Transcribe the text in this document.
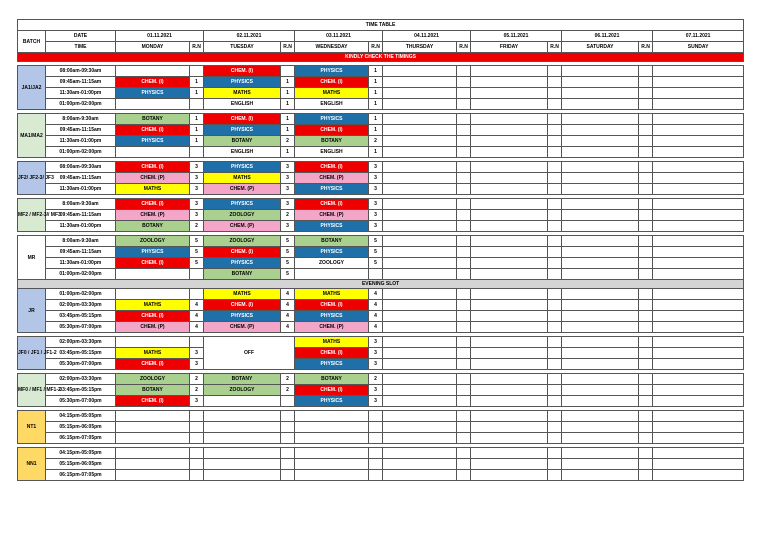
TIME TABLE														
BATCH	DATE	01.11.2021		02.11.2021		03.11.2021		04.11.2021		05.11.2021		06.11.2021		07.11.2021
	TIME	MONDAY	R.N	TUESDAY	R.N	WEDNESDAY	R.N	THURSDAY	R.N	FRIDAY	R.N	SATURDAY	R.N	SUNDAY
KINDLY CHECK THE TIMINGS														

JA1/JA2	08:00am-09:30am			CHEM. (I)		PHYSICS	1							
	09:45am-11:15am	CHEM. (I)	1	PHYSICS	1	CHEM. (I)	1							
	11:30am-01:00pm	PHYSICS	1	MATHS	1	MATHS	1							
	01:00pm-02:00pm			ENGLISH	1	ENGLISH	1							

MA1/MA2	8:00am-9:30am	BOTANY	1	CHEM. (I)	1	PHYSICS	1							
	09:45am-11:15am	CHEM. (I)	1	PHYSICS	1	CHEM. (I)	1							
	11:30am-01:00pm	PHYSICS	1	BOTANY	2	BOTANY	2							
	01:00pm-02:00pm			ENGLISH	1	ENGLISH	1							

JF2/ JF2-3/ JF3	08:00am-09:30am	CHEM. (I)	3	PHYSICS	3	CHEM. (I)	3							
	09:45am-11:15am	CHEM. (P)	3	MATHS	3	CHEM. (P)	3							
	11:30am-01:00pm	MATHS	3	CHEM. (P)	3	PHYSICS	3							

MF2 / MF2-3// MF3	8:00am-9:30am	CHEM. (I)	3	PHYSICS	3	CHEM. (I)	3							
	09:45am-11:15am	CHEM. (P)	3	ZOOLOGY	2	CHEM. (P)	3							
	11:30am-01:00pm	BOTANY	2	CHEM. (P)	3	PHYSICS	3							

MR	8:00am-9:30am	ZOOLOGY	5	ZOOLOGY	5	BOTANY	5							
	09:45am-11:15am	PHYSICS	5	CHEM. (I)	5	PHYSICS	5							
	11:30am-01:00pm	CHEM. (I)	5	PHYSICS	5	ZOOLOGY	5							
	01:00pm-02:00pm			BOTANY	5									
EVENING SLOT														
JR	01:00pm-02:00pm			MATHS	4	MATHS	4							
	02:00pm-03:30pm	MATHS	4	CHEM. (I)	4	CHEM. (I)	4							
	03:45pm-05:15pm	CHEM. (I)	4	PHYSICS	4	PHYSICS	4							
	05:30pm-07:00pm	CHEM. (P)	4	CHEM. (P)	4	CHEM. (P)	4							

JF0 / JF1 / JF1-2	02:00pm-03:30pm			OFF		MATHS	3							
	03:45pm-05:15pm	MATHS	3			CHEM. (I)	3							
	05:30pm-07:00pm	CHEM. (I)	3			PHYSICS	3							

MF0 / MF1 / MF1-2	02:00pm-03:30pm	ZOOLOGY	2	BOTANY	2	BOTANY	2							
	03:45pm-05:15pm	BOTANY	2	ZOOLOGY	2	CHEM. (I)	3							
	05:30pm-07:00pm	CHEM. (I)	3			PHYSICS	3							

NT1	04:15pm-05:05pm													
	05:15pm-06:05pm													
	06:15pm-07:05pm													

NN1	04:15pm-05:05pm													
	05:15pm-06:05pm													
	06:15pm-07:05pm													
